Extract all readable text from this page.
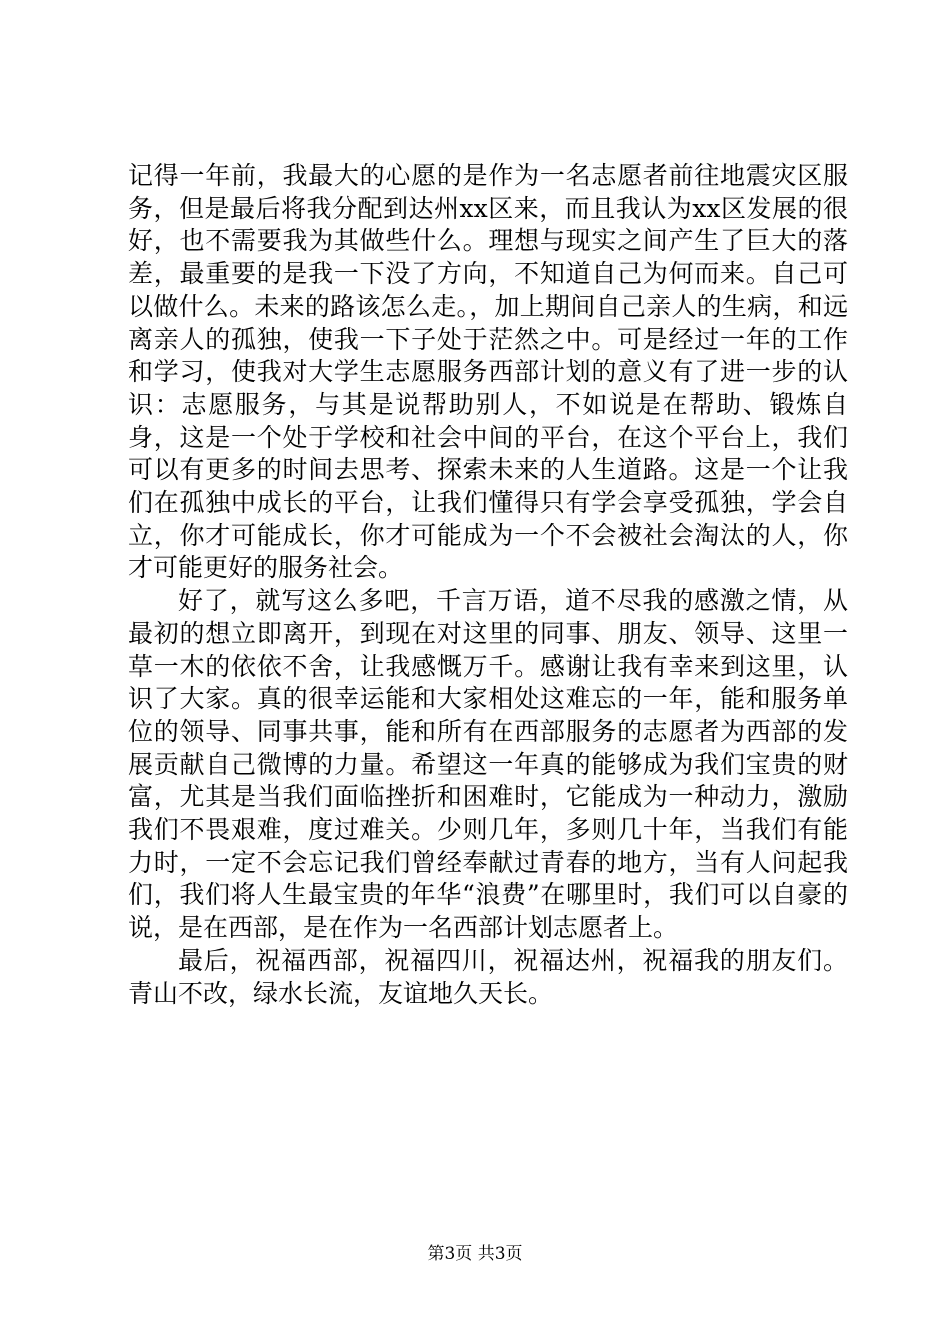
记得一年前，我最大的心愿的是作为一名志愿者前往地震灾区服务，但是最后将我分配到达州xx区来，而且我认为xx区发展的很好，也不需要我为其做些什么。理想与现实之间产生了巨大的落差，最重要的是我一下没了方向，不知道自己为何而来。自己可以做什么。未来的路该怎么走。，加上期间自己亲人的生病，和远离亲人的孤独，使我一下子处于茫然之中。可是经过一年的工作和学习，使我对大学生志愿服务西部计划的意义有了进一步的认识：志愿服务，与其是说帮助别人，不如说是在帮助、锻炼自身，这是一个处于学校和社会中间的平台，在这个平台上，我们可以有更多的时间去思考、探索未来的人生道路。这是一个让我们在孤独中成长的平台，让我们懂得只有学会享受孤独，学会自立，你才可能成长，你才可能成为一个不会被社会淘汰的人，你才可能更好的服务社会。

好了，就写这么多吧，千言万语，道不尽我的感激之情，从最初的想立即离开，到现在对这里的同事、朋友、领导、这里一草一木的依依不舍，让我感慨万千。感谢让我有幸来到这里，认识了大家。真的很幸运能和大家相处这难忘的一年，能和服务单位的领导、同事共事，能和所有在西部服务的志愿者为西部的发展贡献自己微博的力量。希望这一年真的能够成为我们宝贵的财富，尤其是当我们面临挫折和困难时，它能成为一种动力，激励我们不畏艰难，度过难关。少则几年，多则几十年，当我们有能力时，一定不会忘记我们曾经奉献过青春的地方，当有人问起我们，我们将人生最宝贵的年华“浪费”在哪里时，我们可以自豪的说，是在西部，是在作为一名西部计划志愿者上。

最后，祝福西部，祝福四川，祝福达州，祝福我的朋友们。青山不改，绿水长流，友谊地久天长。

第3页 共3页
